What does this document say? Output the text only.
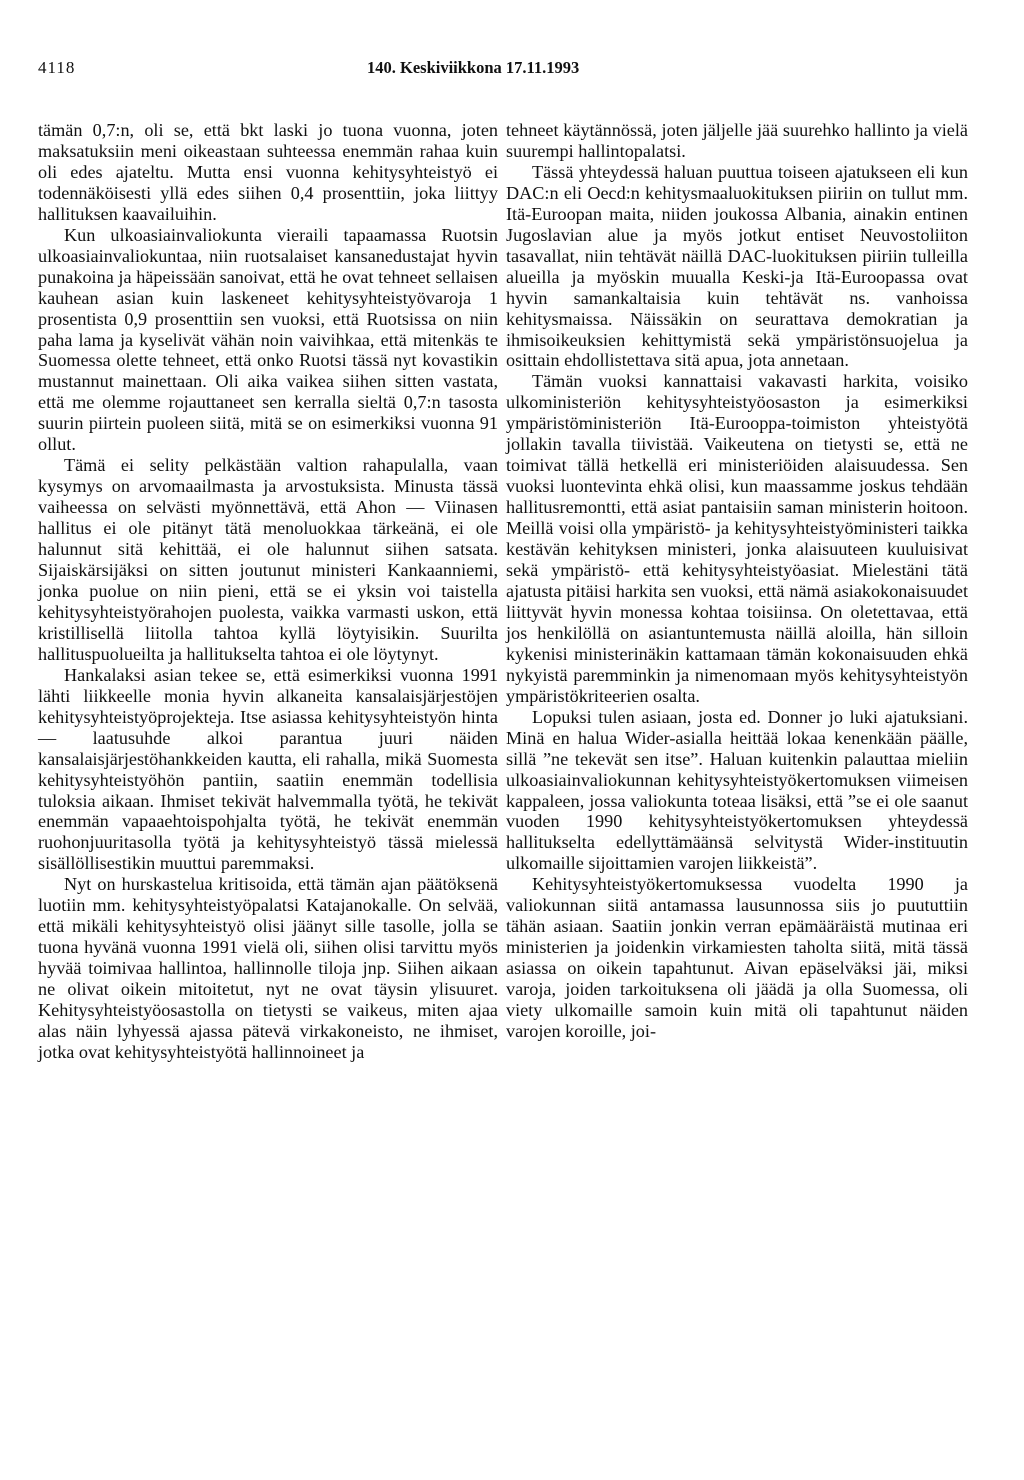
4118	140. Keskiviikkona 17.11.1993

tämän 0,7:n, oli se, että bkt laski jo tuona vuonna, joten maksatuksiin meni oikeastaan suhteessa enemmän rahaa kuin oli edes ajateltu. Mutta ensi vuonna kehitysyhteistyö ei todennäköisesti yllä edes siihen 0,4 prosenttiin, joka liittyy hallituksen kaavailuihin.

Kun ulkoasiainvaliokunta vieraili tapaamassa Ruotsin ulkoasiainvaliokuntaa, niin ruotsalaiset kansanedustajat hyvin punakoina ja häpeissään sanoivat, että he ovat tehneet sellaisen kauhean asian kuin laskeneet kehitysyhteistyövaroja 1 prosentista 0,9 prosenttiin sen vuoksi, että Ruotsissa on niin paha lama ja kyselivät vähän noin vaivihkaa, että mitenkäs te Suomessa olette tehneet, että onko Ruotsi tässä nyt kovastikin mustannut mainettaan. Oli aika vaikea siihen sitten vastata, että me olemme rojauttaneet sen kerralla sieltä 0,7:n tasosta suurin piirtein puoleen siitä, mitä se on esimerkiksi vuonna 91 ollut.

Tämä ei selity pelkästään valtion rahapulalla, vaan kysymys on arvomaailmasta ja arvostuksista. Minusta tässä vaiheessa on selvästi myönnettävä, että Ahon — Viinasen hallitus ei ole pitänyt tätä menoluokkaa tärkeänä, ei ole halunnut sitä kehittää, ei ole halunnut siihen satsata. Sijaiskärsijäksi on sitten joutunut ministeri Kankaanniemi, jonka puolue on niin pieni, että se ei yksin voi taistella kehitysyhteistyörahojen puolesta, vaikka varmasti uskon, että kristillisellä liitolla tahtoa kyllä löytyisikin. Suurilta hallituspuolueilta ja hallitukselta tahtoa ei ole löytynyt.

Hankalaksi asian tekee se, että esimerkiksi vuonna 1991 lähti liikkeelle monia hyvin alkaneita kansalaisjärjestöjen kehitysyhteistyöprojekteja. Itse asiassa kehitysyhteistyön hinta — laatusuhde alkoi parantua juuri näiden kansalaisjärjestöhankkeiden kautta, eli rahalla, mikä Suomesta kehitysyhteistyöhön pantiin, saatiin enemmän todellisia tuloksia aikaan. Ihmiset tekivät halvemmalla työtä, he tekivät enemmän vapaaehtoispohjalta työtä, he tekivät enemmän ruohonjuuritasolla työtä ja kehitysyhteistyö tässä mielessä sisällöllisestikin muuttui paremmaksi.

Nyt on hurskastelua kritisoida, että tämän ajan päätöksenä luotiin mm. kehitysyhteistyöpalatsi Katajanokalle. On selvää, että mikäli kehitysyhteistyö olisi jäänyt sille tasolle, jolla se tuona hyvänä vuonna 1991 vielä oli, siihen olisi tarvittu myös hyvää toimivaa hallintoa, hallinnolle tiloja jnp. Siihen aikaan ne olivat oikein mitoitetut, nyt ne ovat täysin ylisuuret. Kehitysyhteistyöosastolla on tietysti se vaikeus, miten ajaa alas näin lyhyessä ajassa pätevä virkakoneisto, ne ihmiset, jotka ovat kehitysyhteistyötä hallinnoineet ja

tehneet käytännössä, joten jäljelle jää suurehko hallinto ja vielä suurempi hallintopalatsi.

Tässä yhteydessä haluan puuttua toiseen ajatukseen eli kun DAC:n eli Oecd:n kehitysmaaluokituksen piiriin on tullut mm. Itä-Euroopan maita, niiden joukossa Albania, ainakin entinen Jugoslavian alue ja myös jotkut entiset Neuvostoliiton tasavallat, niin tehtävät näillä DAC-luokituksen piiriin tulleilla alueilla ja myöskin muualla Keski-ja Itä-Euroopassa ovat hyvin samankaltaisia kuin tehtävät ns. vanhoissa kehitysmaissa. Näissäkin on seurattava demokratian ja ihmisoikeuksien kehittymistä sekä ympäristönsuojelua ja osittain ehdollistettava sitä apua, jota annetaan.

Tämän vuoksi kannattaisi vakavasti harkita, voisiko ulkoministeriön kehitysyhteistyöosaston ja esimerkiksi ympäristöministeriön Itä-Eurooppa-toimiston yhteistyötä jollakin tavalla tiivistää. Vaikeutena on tietysti se, että ne toimivat tällä hetkellä eri ministeriöiden alaisuudessa. Sen vuoksi luontevinta ehkä olisi, kun maassamme joskus tehdään hallitusremontti, että asiat pantaisiin saman ministerin hoitoon. Meillä voisi olla ympäristö- ja kehitysyhteistyöministeri taikka kestävän kehityksen ministeri, jonka alaisuuteen kuuluisivat sekä ympäristö- että kehitysyhteistyöasiat. Mielestäni tätä ajatusta pitäisi harkita sen vuoksi, että nämä asiakokonaisuudet liittyvät hyvin monessa kohtaa toisiinsa. On oletettavaa, että jos henkilöllä on asiantuntemusta näillä aloilla, hän silloin kykenisi ministerinäkin kattamaan tämän kokonaisuuden ehkä nykyistä paremminkin ja nimenomaan myös kehitysyhteistyön ympäristökriteerien osalta.

Lopuksi tulen asiaan, josta ed. Donner jo luki ajatuksiani. Minä en halua Wider-asialla heittää lokaa kenenkään päälle, sillä ”ne tekevät sen itse”. Haluan kuitenkin palauttaa mieliin ulkoasiainvaliokunnan kehitysyhteistyökertomuksen viimeisen kappaleen, jossa valiokunta toteaa lisäksi, että ”se ei ole saanut vuoden 1990 kehitysyhteistyökertomuksen yhteydessä hallitukselta edellyttämäänsä selvitystä Wider-instituutin ulkomaille sijoittamien varojen liikkeistä”.

Kehitysyhteistyökertomuksessa vuodelta 1990 ja valiokunnan siitä antamassa lausunnossa siis jo puututtiin tähän asiaan. Saatiin jonkin verran epämääräistä mutinaa eri ministerien ja joidenkin virkamiesten taholta siitä, mitä tässä asiassa on oikein tapahtunut. Aivan epäselväksi jäi, miksi varoja, joiden tarkoituksena oli jäädä ja olla Suomessa, oli viety ulkomaille samoin kuin mitä oli tapahtunut näiden varojen koroille, joi-
